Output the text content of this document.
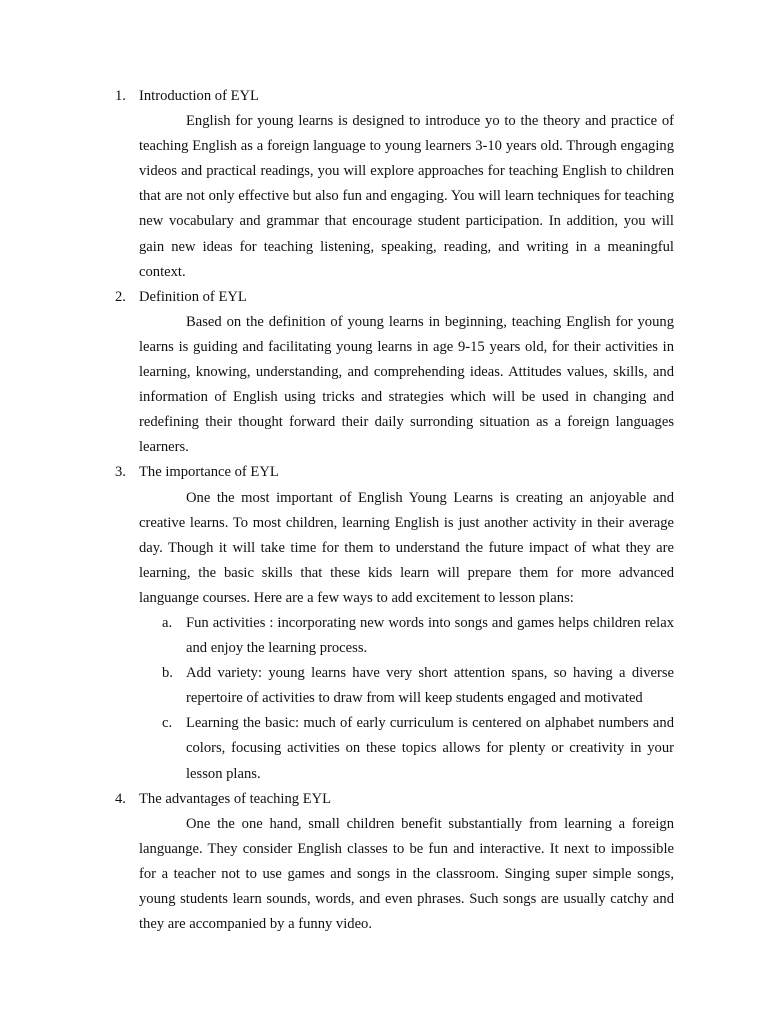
1. Introduction of EYL

English for young learns is designed to introduce yo to the theory and practice of teaching English as a foreign language to young learners 3-10 years old. Through engaging videos and practical readings, you will explore approaches for teaching English to children that are not only effective but also fun and engaging. You will learn techniques for teaching new vocabulary and grammar that encourage student participation. In addition, you will gain new ideas for teaching listening, speaking, reading, and writing in a meaningful context.

2. Definition of EYL

Based on the definition of young learns in beginning, teaching English for young learns is guiding and facilitating young learns in age 9-15 years old, for their activities in learning, knowing, understanding, and comprehending ideas. Attitudes values, skills, and information of English using tricks and strategies which will be used in changing and redefining their thought forward their daily surronding situation as a foreign languages learners.

3. The importance of EYL

One the most important of English Young Learns is creating an anjoyable and creative learns. To most children, learning English is just another activity in their average day. Though it will take time for them to understand the future impact of what they are learning, the basic skills that these kids learn will prepare them for more advanced languange courses. Here are a few ways to add excitement to lesson plans:

a. Fun activities : incorporating new words into songs and games helps children relax and enjoy the learning process.
b. Add variety: young learns have very short attention spans, so having a diverse repertoire of activities to draw from will keep students engaged and motivated
c. Learning the basic: much of early curriculum is centered on alphabet numbers and colors, focusing activities on these topics allows for plenty or creativity in your lesson plans.
4. The advantages of teaching EYL

One the one hand, small children benefit substantially from learning a foreign languange. They consider English classes to be fun and interactive. It next to impossible for a teacher not to use games and songs in the classroom. Singing super simple songs, young students learn sounds, words, and even phrases. Such songs are usually catchy and they are accompanied by a funny video.
